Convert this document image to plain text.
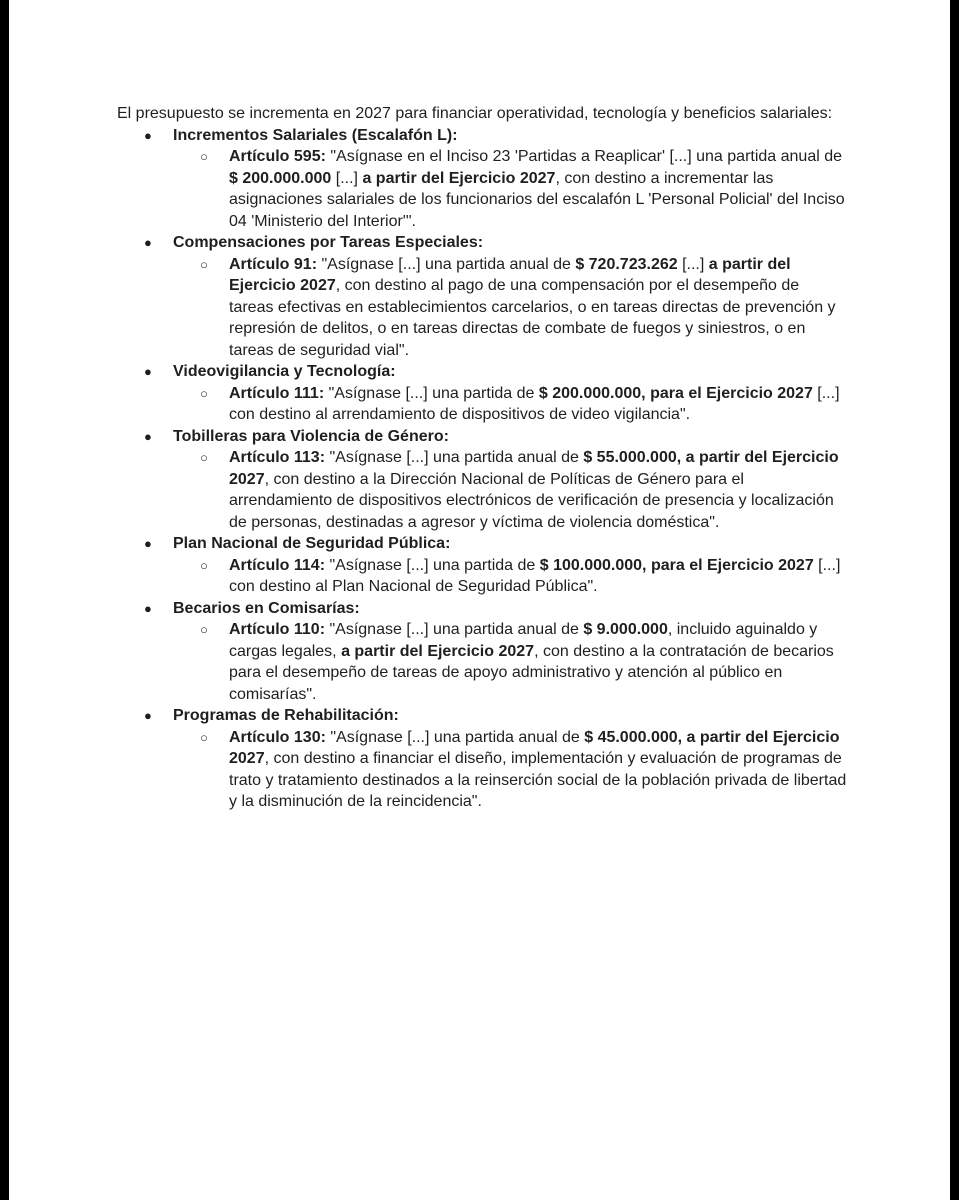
El presupuesto se incrementa en 2027 para financiar operatividad, tecnología y beneficios salariales:

● Incrementos Salariales (Escalafón L):
○ Artículo 595: "Asígnase en el Inciso 23 'Partidas a Reaplicar' [...] una partida anual de $ 200.000.000 [...] a partir del Ejercicio 2027, con destino a incrementar las asignaciones salariales de los funcionarios del escalafón L 'Personal Policial' del Inciso 04 'Ministerio del Interior'".
● Compensaciones por Tareas Especiales:
○ Artículo 91: "Asígnase [...] una partida anual de $ 720.723.262 [...] a partir del Ejercicio 2027, con destino al pago de una compensación por el desempeño de tareas efectivas en establecimientos carcelarios, o en tareas directas de prevención y represión de delitos, o en tareas directas de combate de fuegos y siniestros, o en tareas de seguridad vial".
● Videovigilancia y Tecnología:
○ Artículo 111: "Asígnase [...] una partida de $ 200.000.000, para el Ejercicio 2027 [...] con destino al arrendamiento de dispositivos de video vigilancia".
● Tobilleras para Violencia de Género:
○ Artículo 113: "Asígnase [...] una partida anual de $ 55.000.000, a partir del Ejercicio 2027, con destino a la Dirección Nacional de Políticas de Género para el arrendamiento de dispositivos electrónicos de verificación de presencia y localización de personas, destinadas a agresor y víctima de violencia doméstica".
● Plan Nacional de Seguridad Pública:
○ Artículo 114: "Asígnase [...] una partida de $ 100.000.000, para el Ejercicio 2027 [...] con destino al Plan Nacional de Seguridad Pública".
● Becarios en Comisarías:
○ Artículo 110: "Asígnase [...] una partida anual de $ 9.000.000, incluido aguinaldo y cargas legales, a partir del Ejercicio 2027, con destino a la contratación de becarios para el desempeño de tareas de apoyo administrativo y atención al público en comisarías".
● Programas de Rehabilitación:
○ Artículo 130: "Asígnase [...] una partida anual de $ 45.000.000, a partir del Ejercicio 2027, con destino a financiar el diseño, implementación y evaluación de programas de trato y tratamiento destinados a la reinserción social de la población privada de libertad y la disminución de la reincidencia".
